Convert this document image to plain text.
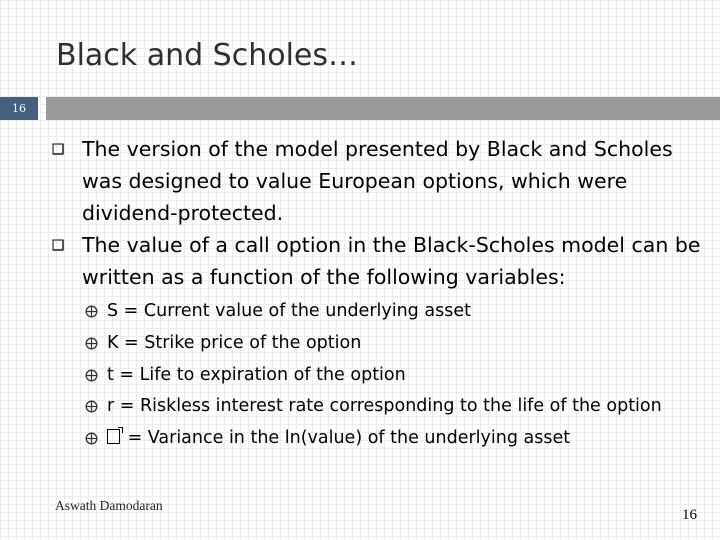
Black and Scholes…
16
The version of the model presented by Black and Scholes was designed to value European options, which were dividend-protected.
The value of a call option in the Black-Scholes model can be written as a function of the following variables:
S = Current value of the underlying asset
K = Strike price of the option
t = Life to expiration of the option
r = Riskless interest rate corresponding to the life of the option
= Variance in the ln(value) of the underlying asset
Aswath Damodaran
16
